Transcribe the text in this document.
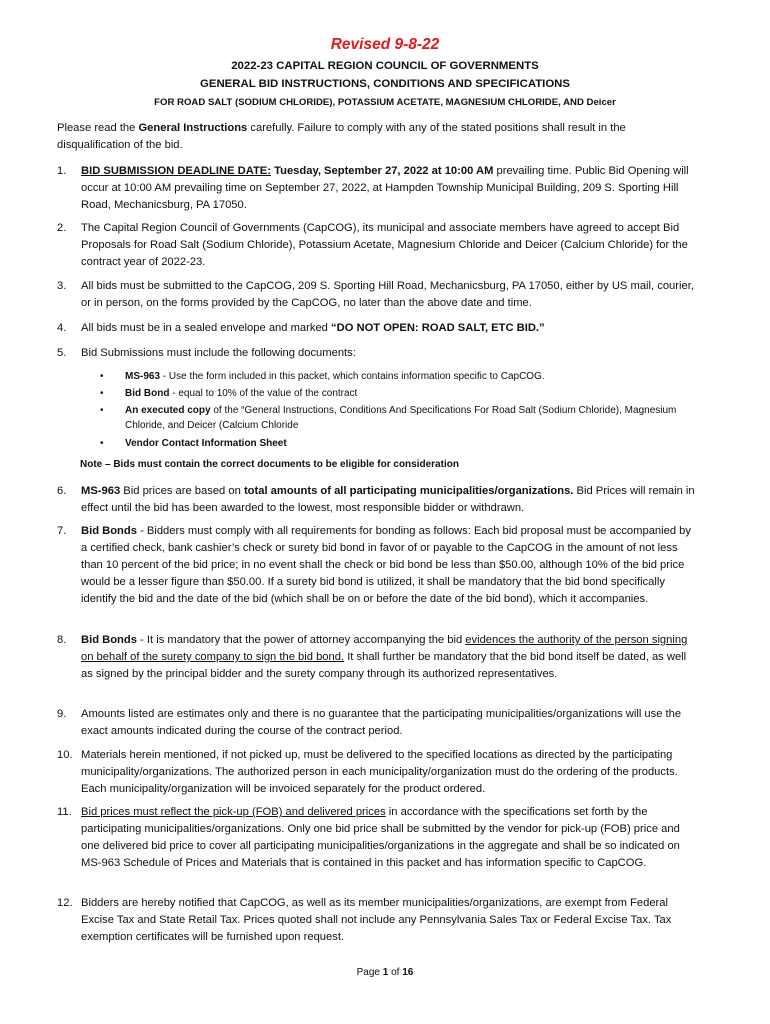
Revised 9-8-22
2022-23 CAPITAL REGION COUNCIL OF GOVERNMENTS
GENERAL BID INSTRUCTIONS, CONDITIONS AND SPECIFICATIONS
FOR ROAD SALT (SODIUM CHLORIDE), POTASSIUM ACETATE, MAGNESIUM CHLORIDE, AND Deicer
Please read the General Instructions carefully. Failure to comply with any of the stated positions shall result in the disqualification of the bid.
1. BID SUBMISSION DEADLINE DATE: Tuesday, September 27, 2022 at 10:00 AM prevailing time. Public Bid Opening will occur at 10:00 AM prevailing time on September 27, 2022, at Hampden Township Municipal Building, 209 S. Sporting Hill Road, Mechanicsburg, PA 17050.
2. The Capital Region Council of Governments (CapCOG), its municipal and associate members have agreed to accept Bid Proposals for Road Salt (Sodium Chloride), Potassium Acetate, Magnesium Chloride and Deicer (Calcium Chloride) for the contract year of 2022-23.
3. All bids must be submitted to the CapCOG, 209 S. Sporting Hill Road, Mechanicsburg, PA 17050, either by US mail, courier, or in person, on the forms provided by the CapCOG, no later than the above date and time.
4. All bids must be in a sealed envelope and marked “DO NOT OPEN: ROAD SALT, ETC BID.”
5. Bid Submissions must include the following documents:
• MS-963 - Use the form included in this packet, which contains information specific to CapCOG.
• Bid Bond - equal to 10% of the value of the contract
• An executed copy of the “General Instructions, Conditions And Specifications For Road Salt (Sodium Chloride), Magnesium Chloride, and Deicer (Calcium Chloride
• Vendor Contact Information Sheet
Note – Bids must contain the correct documents to be eligible for consideration
6. MS-963 Bid prices are based on total amounts of all participating municipalities/organizations. Bid Prices will remain in effect until the bid has been awarded to the lowest, most responsible bidder or withdrawn.
7. Bid Bonds - Bidders must comply with all requirements for bonding as follows: Each bid proposal must be accompanied by a certified check, bank cashier’s check or surety bid bond in favor of or payable to the CapCOG in the amount of not less than 10 percent of the bid price; in no event shall the check or bid bond be less than $50.00, although 10% of the bid price would be a lesser figure than $50.00. If a surety bid bond is utilized, it shall be mandatory that the bid bond specifically identify the bid and the date of the bid (which shall be on or before the date of the bid bond), which it accompanies.
8. Bid Bonds - It is mandatory that the power of attorney accompanying the bid evidences the authority of the person signing on behalf of the surety company to sign the bid bond. It shall further be mandatory that the bid bond itself be dated, as well as signed by the principal bidder and the surety company through its authorized representatives.
9. Amounts listed are estimates only and there is no guarantee that the participating municipalities/organizations will use the exact amounts indicated during the course of the contract period.
10. Materials herein mentioned, if not picked up, must be delivered to the specified locations as directed by the participating municipality/organizations. The authorized person in each municipality/organization must do the ordering of the products. Each municipality/organization will be invoiced separately for the product ordered.
11. Bid prices must reflect the pick-up (FOB) and delivered prices in accordance with the specifications set forth by the participating municipalities/organizations. Only one bid price shall be submitted by the vendor for pick-up (FOB) price and one delivered bid price to cover all participating municipalities/organizations in the aggregate and shall be so indicated on MS-963 Schedule of Prices and Materials that is contained in this packet and has information specific to CapCOG.
12. Bidders are hereby notified that CapCOG, as well as its member municipalities/organizations, are exempt from Federal Excise Tax and State Retail Tax. Prices quoted shall not include any Pennsylvania Sales Tax or Federal Excise Tax. Tax exemption certificates will be furnished upon request.
Page 1 of 16
